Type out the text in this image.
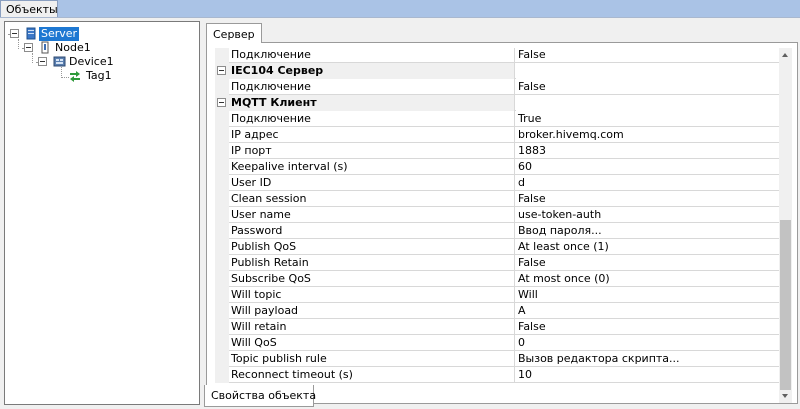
Объекты
Server
Node1
Device1
Tag1
Сервер
Подключение	False
IEC104 Сервер
Подключение	False
MQTT Клиент
Подключение	True
IP адрес	broker.hivemq.com
IP порт	1883
Keepalive interval (s)	60
User ID	d
Clean session	False
User name	use-token-auth
Password	Ввод пароля...
Publish QoS	At least once (1)
Publish Retain	False
Subscribe QoS	At most once (0)
Will topic	Will
Will payload	A
Will retain	False
Will QoS	0
Topic publish rule	Вызов редактора скрипта...
Reconnect timeout (s)	10
Свойства объекта
